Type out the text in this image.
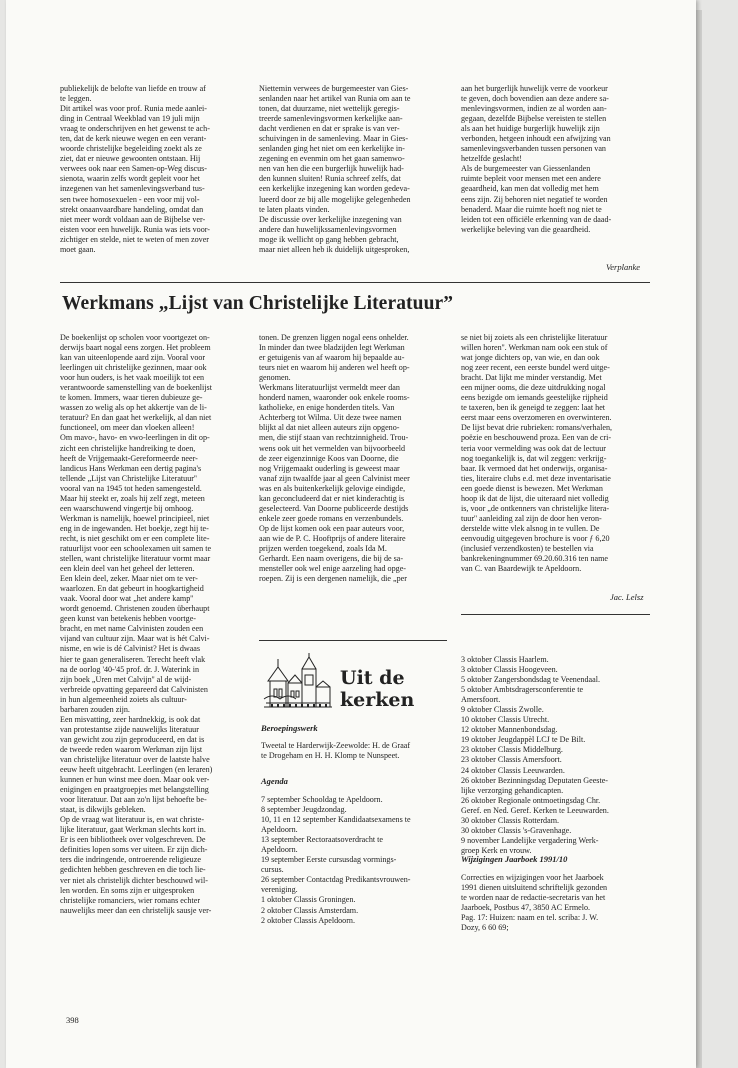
publiekelijk de belofte van liefde en trouw af
te leggen.
Dit artikel was voor prof. Runia mede aanlei-
ding in Centraal Weekblad van 19 juli mijn
vraag te onderschrijven en het gewenst te ach-
ten, dat de kerk nieuwe wegen en een verant-
woorde christelijke begeleiding zoekt als ze
ziet, dat er nieuwe gewoonten ontstaan. Hij
verwees ook naar een Samen-op-Weg discus-
sienota, waarin zelfs wordt gepleit voor het
inzegenen van het samenlevingsverband tus-
sen twee homosexuelen - een voor mij vol-
strekt onaanvaardbare handeling, omdat dan
niet meer wordt voldaan aan de Bijbelse ver-
eisten voor een huwelijk. Runia was iets voor-
zichtiger en stelde, niet te weten of men zover
moet gaan.
Niettemin verwees de burgemeester van Gies-
senlanden naar het artikel van Runia om aan te
tonen, dat duurzame, niet wettelijk geregis-
treerde samenlevingsvormen kerkelijke aan-
dacht verdienen en dat er sprake is van ver-
schuivingen in de samenleving. Maar in Gies-
senlanden ging het niet om een kerkelijke in-
zegening en evenmin om het gaan samenwo-
nen van hen die een burgerlijk huwelijk had-
den kunnen sluiten! Runia schreef zelfs, dat
een kerkelijke inzegening kan worden gedeva-
lueerd door ze bij alle mogelijke gelegenheden
te laten plaats vinden.
De discussie over kerkelijke inzegening van
andere dan huwelijkssamenlevingsvormen
moge ik wellicht op gang hebben gebracht,
maar niet alleen heb ik duidelijk uitgesproken,
aan het burgerlijk huwelijk verre de voorkeur
te geven, doch bovendien aan deze andere sa-
menlevingsvormen, indien ze al worden aan-
gegaan, dezelfde Bijbelse vereisten te stellen
als aan het huidige burgerlijk huwelijk zijn
verbonden, hetgeen inhoudt een afwijzing van
samenlevingsverbanden tussen personen van
hetzelfde geslacht!
Als de burgemeester van Giessenlanden
ruimte bepleit voor mensen met een andere
geaardheid, kan men dat volledig met hem
eens zijn. Zij behoren niet negatief te worden
benaderd. Maar die ruimte hoeft nog niet te
leiden tot een officiële erkenning van de daad-
werkelijke beleving van die geaardheid.
Verplanke
Werkmans „Lijst van Christelijke Literatuur”
De boekenlijst op scholen voor voortgezet on-
derwijs baart nogal eens zorgen. Het probleem
kan van uiteenlopende aard zijn. Vooral voor
leerlingen uit christelijke gezinnen, maar ook
voor hun ouders, is het vaak moeilijk tot een
verantwoorde samenstelling van de boekenlijst
te komen. Immers, waar tieren dubieuze ge-
wassen zo welig als op het akkertje van de li-
teratuur? En dan gaat het werkelijk, al dan niet
functioneel, om meer dan vloeken alleen!
Om mavo-, havo- en vwo-leerlingen in dit op-
zicht een christelijke handreiking te doen,
heeft de Vrijgemaakt-Gereformeerde neer-
landicus Hans Werkman een dertig pagina's
tellende „Lijst van Christelijke Literatuur''
vooral van na 1945 tot heden samengesteld.
Maar hij steekt er, zoals hij zelf zegt, meteen
een waarschuwend vingertje bij omhoog.
Werkman is namelijk, hoewel principieel, niet
eng in de ingewanden. Het boekje, zegt hij te-
recht, is niet geschikt om er een complete lite-
ratuurlijst voor een schoolexamen uit samen te
stellen, want christelijke literatuur vormt maar
een klein deel van het geheel der letteren.
Een klein deel, zeker. Maar niet om te ver-
waarlozen. En dat gebeurt in hoogkartigheid
vaak. Vooral door wat „het andere kamp''
wordt genoemd. Christenen zouden überhaupt
geen kunst van betekenis hebben voortge-
bracht, en met name Calvinisten zouden een
vijand van cultuur zijn. Maar wat is hét Calvi-
nisme, en wie is dé Calvinist? Het is dwaas
hier te gaan generaliseren. Terecht heeft vlak
na de oorlog '40-'45 prof. dr. J. Waterink in
zijn boek „Uren met Calvijn'' al de wijd-
verbreide opvatting gepareerd dat Calvinisten
in hun algemeenheid zoiets als cultuur-
barbaren zouden zijn.
Een misvatting, zeer hardnekkig, is ook dat
van protestantse zijde nauwelijks literatuur
van gewicht zou zijn geproduceerd, en dat is
de tweede reden waarom Werkman zijn lijst
van christelijke literatuur over de laatste halve
eeuw heeft uitgebracht. Leerlingen (en leraren)
kunnen er hun winst mee doen. Maar ook ver-
enigingen en praatgroepjes met belangstelling
voor literatuur. Dat aan zo'n lijst behoefte be-
staat, is dikwijls gebleken.
Op de vraag wat literatuur is, en wat christe-
lijke literatuur, gaat Werkman slechts kort in.
Er is een bibliotheek over volgeschreven. De
definities lopen soms ver uiteen. Er zijn dich-
ters die indringende, ontroerende religieuze
gedichten hebben geschreven en die toch lie-
ver niet als christelijk dichter beschouwd wil-
len worden. En soms zijn er uitgesproken
christelijke romanciers, wier romans echter
nauwelijks meer dan een christelijk sausje ver-
tonen. De grenzen liggen nogal eens onhelder.
In minder dan twee bladzijden legt Werkman
er getuigenis van af waarom hij bepaalde au-
teurs niet en waarom hij anderen wel heeft op-
genomen.
Werkmans literatuurlijst vermeldt meer dan
honderd namen, waaronder ook enkele rooms-
katholieke, en enige honderden titels. Van
Achterberg tot Wilma. Uit deze twee namen
blijkt al dat niet alleen auteurs zijn opgeno-
men, die stijf staan van rechtzinnigheid. Trou-
wens ook uit het vermelden van bijvoorbeeld
de zeer eigenzinnige Koos van Doorne, die
nog Vrijgemaakt ouderling is geweest maar
vanaf zijn twaalfde jaar al geen Calvinist meer
was en als buitenkerkelijk gelovige eindigde,
kan geconcludeerd dat er niet kinderachtig is
geselecteerd. Van Doorne publiceerde destijds
enkele zeer goede romans en verzenbundels.
Op de lijst komen ook een paar auteurs voor,
aan wie de P. C. Hooftprijs of andere literaire
prijzen werden toegekend, zoals Ida M.
Gerhardt. Een naam overigens, die bij de sa-
mensteller ook wel enige aarzeling had opge-
roepen. Zij is een dergenen namelijk, die „per
se niet bij zoiets als een christelijke literatuur
willen horen''. Werkman nam ook een stuk of
wat jonge dichters op, van wie, en dan ook
nog zeer recent, een eerste bundel werd uitge-
bracht. Dat lijkt me minder verstandig. Met
een mijner ooms, die deze uitdrukking nogal
eens bezigde om iemands geestelijke rijpheid
te taxeren, ben ik geneigd te zeggen: laat het
eerst maar eens overzomeren en overwinteren.
De lijst bevat drie rubrieken: romans/verhalen,
poëzie en beschouwend proza. Een van de cri-
teria voor vermelding was ook dat de lectuur
nog toegankelijk is, dat wil zeggen: verkrijg-
baar. Ik vermoed dat het onderwijs, organisa-
ties, literaire clubs e.d. met deze inventarisatie
een goede dienst is bewezen. Met Werkman
hoop ik dat de lijst, die uiteraard niet volledig
is, voor „de ontkenners van christelijke litera-
tuur'' aanleiding zal zijn de door hen veron-
derstelde witte vlek alsnog in te vullen. De
eenvoudig uitgegeven brochure is voor ƒ 6,20
(inclusief verzendkosten) te bestellen via
bankrekeningnummer 69.20.60.316 ten name
van C. van Baardewijk te Apeldoorn.
Jac. Lelsz
Uit de kerken
Beroepingswerk
Tweetal te Harderwijk-Zeewolde: H. de Graaf
te Drogeham en H. H. Klomp te Nunspeet.
Agenda
7 september Schooldag te Apeldoorn.
8 september Jeugdzondag.
10, 11 en 12 september Kandidaatsexamens te
Apeldoorn.
13 september Rectoraatsoverdracht te
Apeldoorn.
19 september Eerste cursusdag vormings-
cursus.
26 september Contactdag Predikantsvrouwen-
vereniging.
1 oktober Classis Groningen.
2 oktober Classis Amsterdam.
2 oktober Classis Apeldoorn.
3 oktober Classis Haarlem.
3 oktober Classis Hoogeveen.
5 oktober Zangersbondsdag te Veenendaal.
5 oktober Ambtsdragersconferentie te
Amersfoort.
9 oktober Classis Zwolle.
10 oktober Classis Utrecht.
12 oktober Mannenbondsdag.
19 oktober Jeugdappèl LCJ te De Bilt.
23 oktober Classis Middelburg.
23 oktober Classis Amersfoort.
24 oktober Classis Leeuwarden.
26 oktober Bezinningsdag Deputaten Geeste-
lijke verzorging gehandicapten.
26 oktober Regionale ontmoetingsdag Chr.
Geref. en Ned. Geref. Kerken te Leeuwarden.
30 oktober Classis Rotterdam.
30 oktober Classis 's-Gravenhage.
9 november Landelijke vergadering Werk-
groep Kerk en vrouw.
Wijzigingen Jaarboek 1991/10
Correcties en wijzigingen voor het Jaarboek
1991 dienen uitsluitend schriftelijk gezonden
te worden naar de redactie-secretaris van het
Jaarboek, Postbus 47, 3850 AC Ermelo.
Pag. 17: Huizen: naam en tel. scriba: J. W.
Dozy, 6 60 69;
398
